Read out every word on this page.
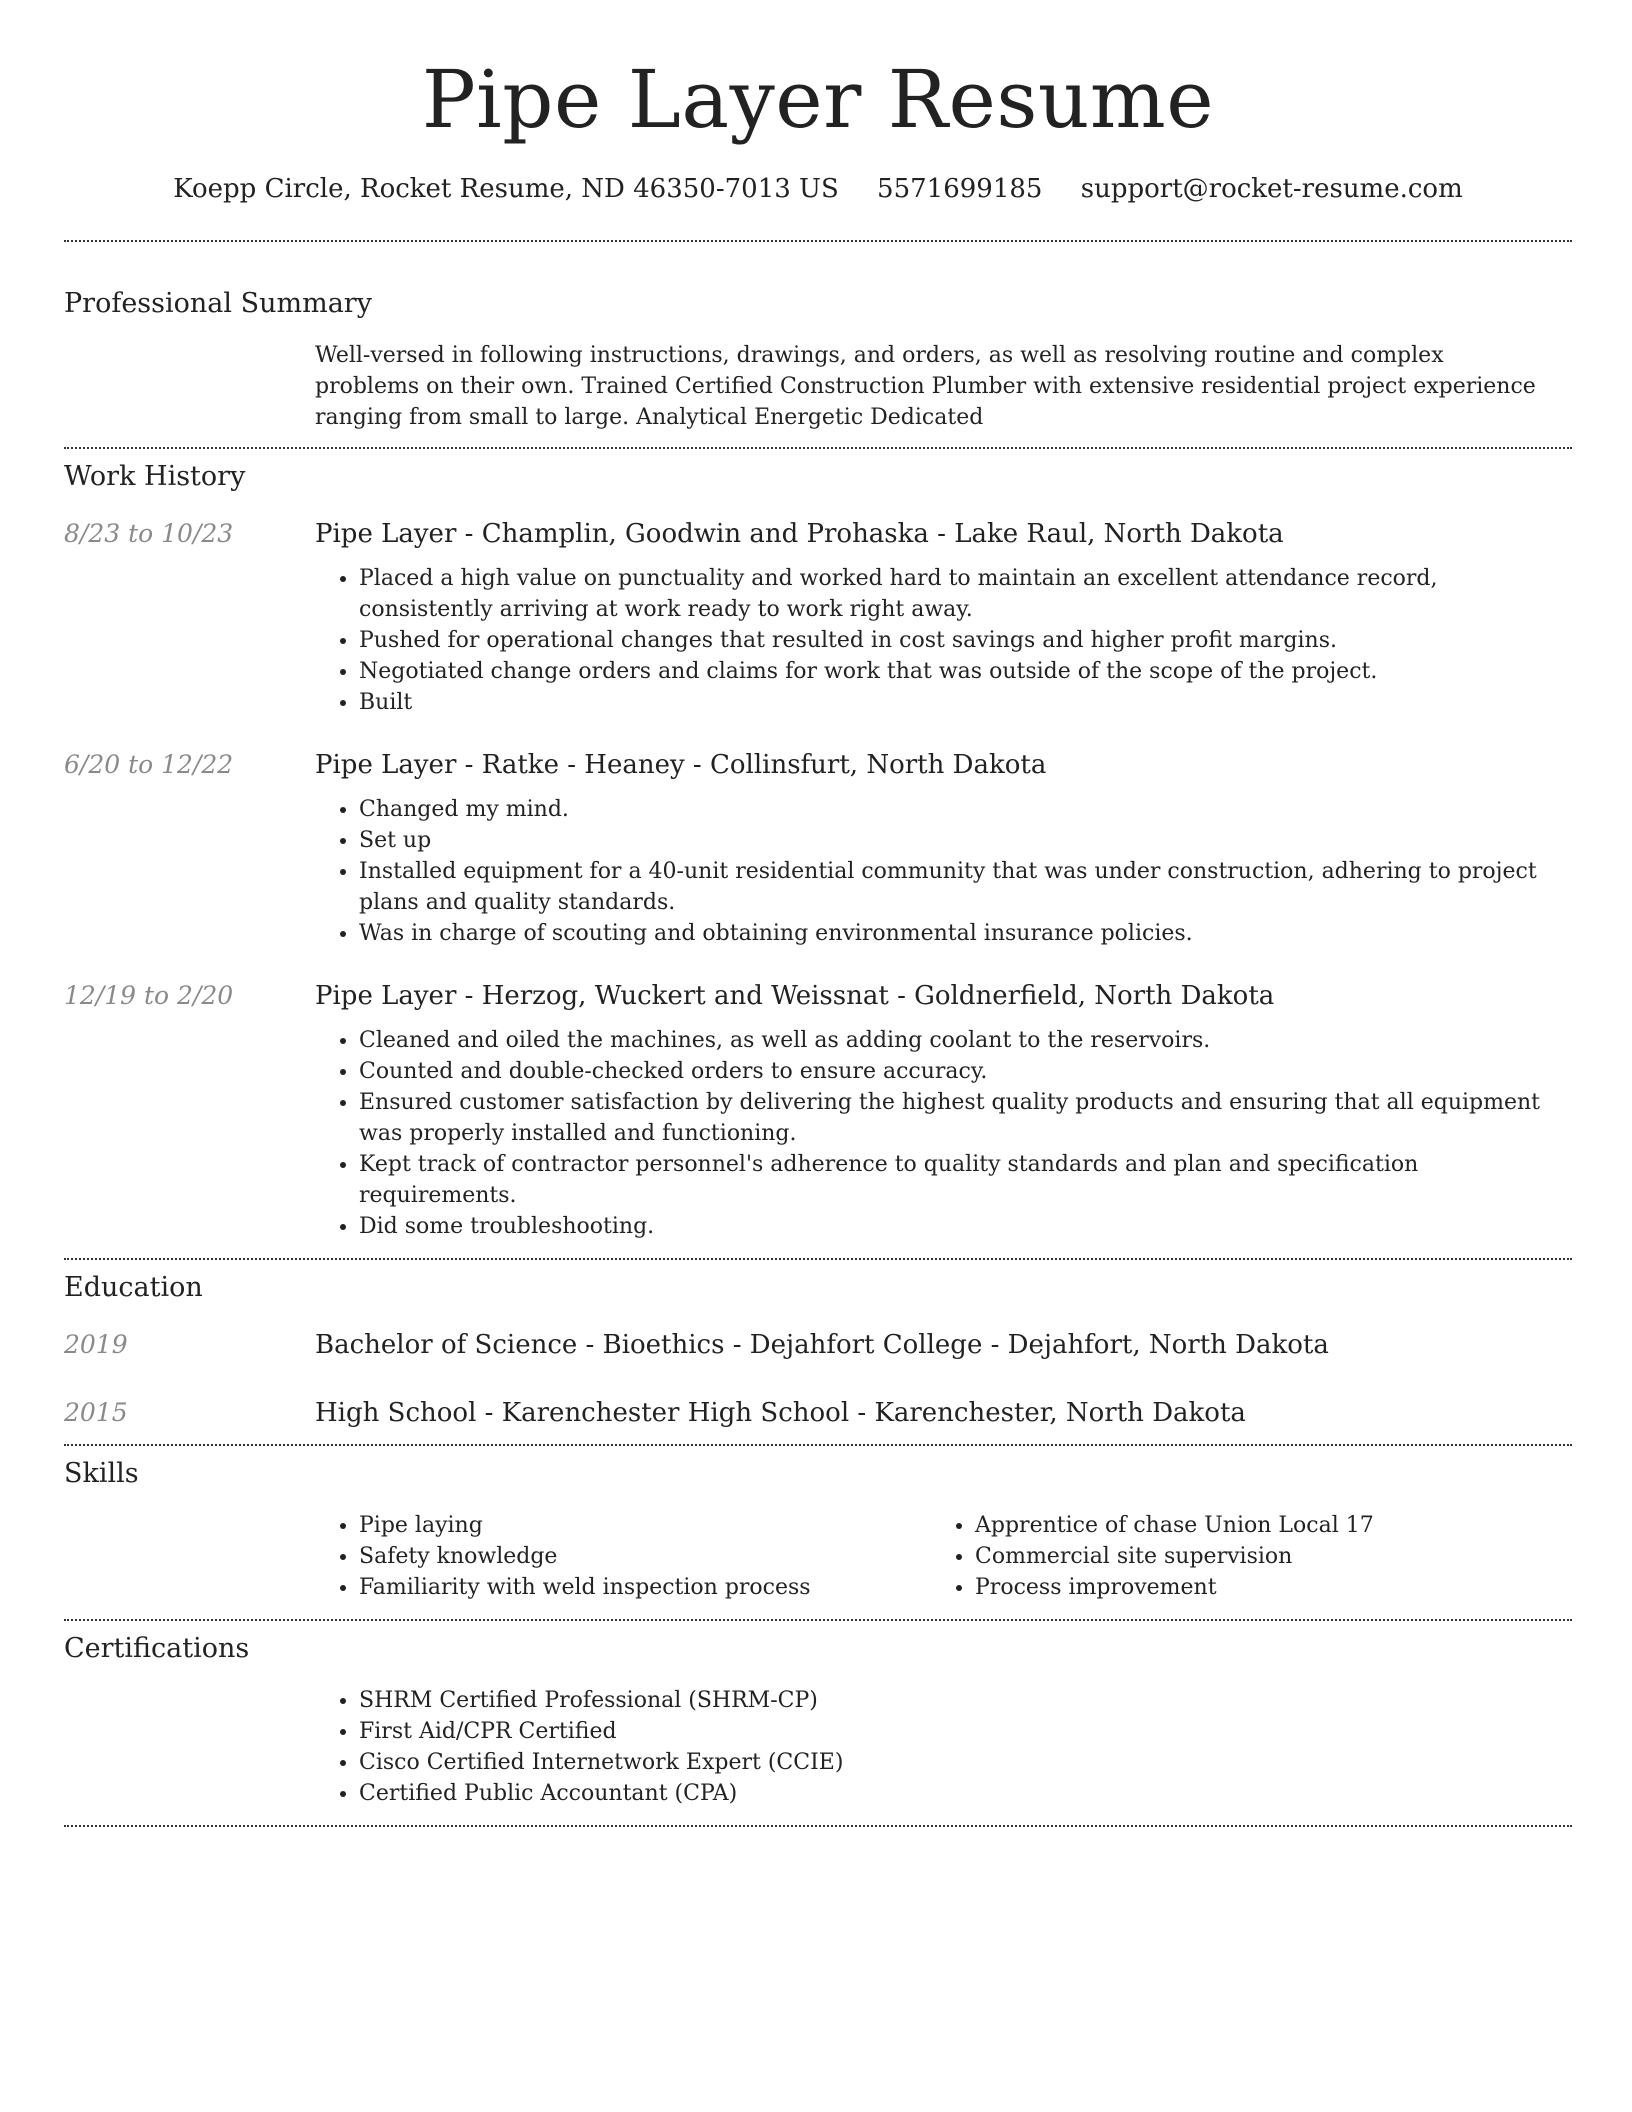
Pipe Layer Resume
Koepp Circle, Rocket Resume, ND 46350-7013 US 5571699185 support@rocket-resume.com
Professional Summary
Well-versed in following instructions, drawings, and orders, as well as resolving routine and complex problems on their own. Trained Certified Construction Plumber with extensive residential project experience ranging from small to large. Analytical Energetic Dedicated
Work History
8/23 to 10/23	Pipe Layer - Champlin, Goodwin and Prohaska - Lake Raul, North Dakota
• Placed a high value on punctuality and worked hard to maintain an excellent attendance record, consistently arriving at work ready to work right away.
• Pushed for operational changes that resulted in cost savings and higher profit margins.
• Negotiated change orders and claims for work that was outside of the scope of the project.
• Built
6/20 to 12/22	Pipe Layer - Ratke - Heaney - Collinsfurt, North Dakota
• Changed my mind.
• Set up
• Installed equipment for a 40-unit residential community that was under construction, adhering to project plans and quality standards.
• Was in charge of scouting and obtaining environmental insurance policies.
12/19 to 2/20	Pipe Layer - Herzog, Wuckert and Weissnat - Goldnerfield, North Dakota
• Cleaned and oiled the machines, as well as adding coolant to the reservoirs.
• Counted and double-checked orders to ensure accuracy.
• Ensured customer satisfaction by delivering the highest quality products and ensuring that all equipment was properly installed and functioning.
• Kept track of contractor personnel's adherence to quality standards and plan and specification requirements.
• Did some troubleshooting.
Education
2019	Bachelor of Science - Bioethics - Dejahfort College - Dejahfort, North Dakota
2015	High School - Karenchester High School - Karenchester, North Dakota
Skills
• Pipe laying
• Safety knowledge
• Familiarity with weld inspection process
• Apprentice of chase Union Local 17
• Commercial site supervision
• Process improvement
Certifications
• SHRM Certified Professional (SHRM-CP)
• First Aid/CPR Certified
• Cisco Certified Internetwork Expert (CCIE)
• Certified Public Accountant (CPA)
